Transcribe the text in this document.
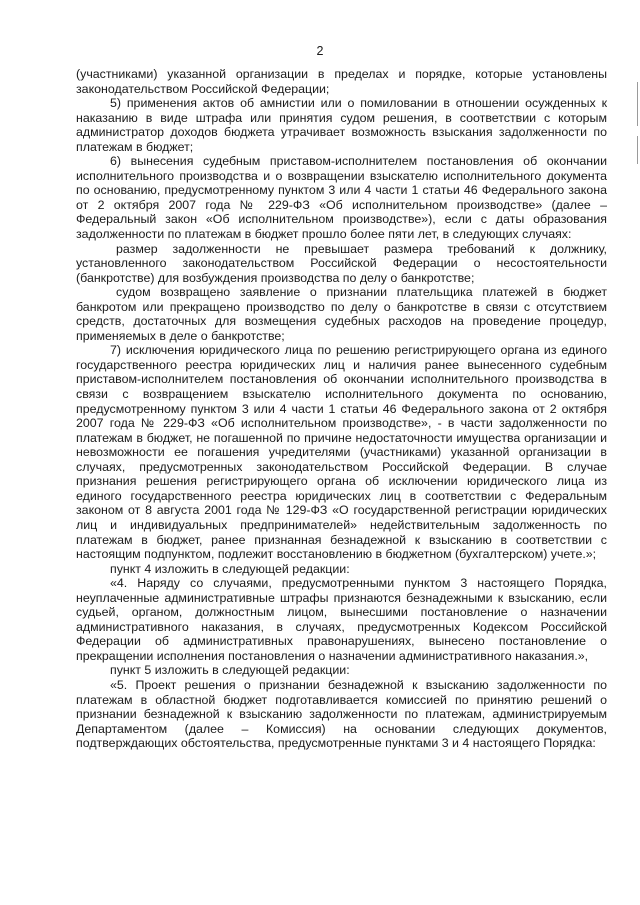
2

(участниками) указанной организации в пределах и порядке, которые установлены законодательством Российской Федерации;

5) применения актов об амнистии или о помиловании в отношении осужденных к наказанию в виде штрафа или принятия судом решения, в соответствии с которым администратор доходов бюджета утрачивает возможность взыскания задолженности по платежам в бюджет;

6) вынесения судебным приставом-исполнителем постановления об окончании исполнительного производства и о возвращении взыскателю исполнительного документа по основанию, предусмотренному пунктом 3 или 4 части 1 статьи 46 Федерального закона от 2 октября 2007 года № 229-ФЗ «Об исполнительном производстве» (далее – Федеральный закон «Об исполнительном производстве»), если с даты образования задолженности по платежам в бюджет прошло более пяти лет, в следующих случаях:

размер задолженности не превышает размера требований к должнику, установленного законодательством Российской Федерации о несостоятельности (банкротстве) для возбуждения производства по делу о банкротстве;

судом возвращено заявление о признании плательщика платежей в бюджет банкротом или прекращено производство по делу о банкротстве в связи с отсутствием средств, достаточных для возмещения судебных расходов на проведение процедур, применяемых в деле о банкротстве;

7) исключения юридического лица по решению регистрирующего органа из единого государственного реестра юридических лиц и наличия ранее вынесенного судебным приставом-исполнителем постановления об окончании исполнительного производства в связи с возвращением взыскателю исполнительного документа по основанию, предусмотренному пунктом 3 или 4 части 1 статьи 46 Федерального закона от 2 октября 2007 года № 229-ФЗ «Об исполнительном производстве», - в части задолженности по платежам в бюджет, не погашенной по причине недостаточности имущества организации и невозможности ее погашения учредителями (участниками) указанной организации в случаях, предусмотренных законодательством Российской Федерации. В случае признания решения регистрирующего органа об исключении юридического лица из единого государственного реестра юридических лиц в соответствии с Федеральным законом от 8 августа 2001 года № 129-ФЗ «О государственной регистрации юридических лиц и индивидуальных предпринимателей» недействительным задолженность по платежам в бюджет, ранее признанная безнадежной к взысканию в соответствии с настоящим подпунктом, подлежит восстановлению в бюджетном (бухгалтерском) учете.»;

пункт 4 изложить в следующей редакции:

«4. Наряду со случаями, предусмотренными пунктом 3 настоящего Порядка, неуплаченные административные штрафы признаются безнадежными к взысканию, если судьей, органом, должностным лицом, вынесшими постановление о назначении административного наказания, в случаях, предусмотренных Кодексом Российской Федерации об административных правонарушениях, вынесено постановление о прекращении исполнения постановления о назначении административного наказания.»,

пункт 5 изложить в следующей редакции:

«5. Проект решения о признании безнадежной к взысканию задолженности по платежам в областной бюджет подготавливается комиссией по принятию решений о признании безнадежной к взысканию задолженности по платежам, администрируемым Департаментом (далее – Комиссия) на основании следующих документов, подтверждающих обстоятельства, предусмотренные пунктами 3 и 4 настоящего Порядка:
